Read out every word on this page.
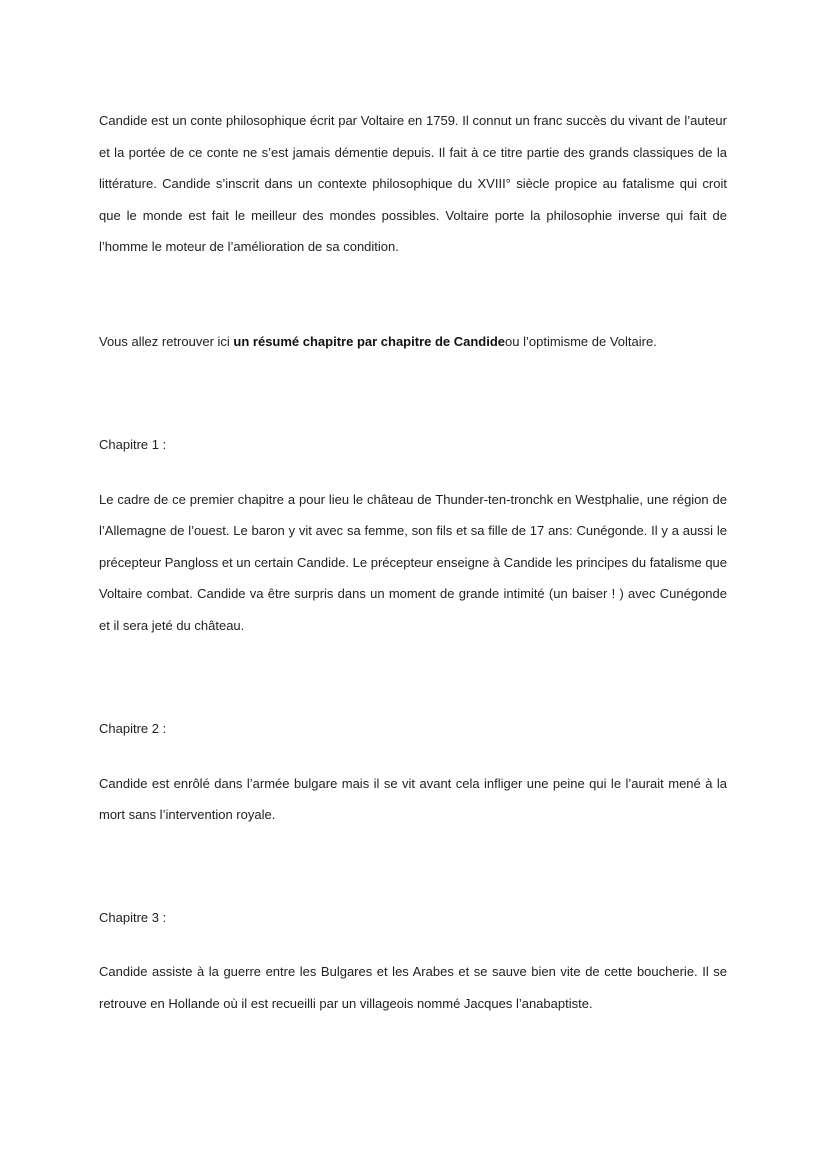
Candide est un conte philosophique écrit par Voltaire en 1759. Il connut un franc succès du vivant de l’auteur et la portée de ce conte ne s’est jamais démentie depuis. Il fait à ce titre partie des grands classiques de la littérature. Candide s’inscrit dans un contexte philosophique du XVIII° siècle propice au fatalisme qui croit que le monde est fait le meilleur des mondes possibles. Voltaire porte la philosophie inverse qui fait de l’homme le moteur de l’amélioration de sa condition.

Vous allez retrouver ici un résumé chapitre par chapitre de Candideou l’optimisme de Voltaire.

Chapitre 1 :

Le cadre de ce premier chapitre a pour lieu le château de Thunder-ten-tronchk en Westphalie, une région de l’Allemagne de l’ouest. Le baron y vit avec sa femme, son fils et sa fille de 17 ans: Cunégonde. Il y a aussi le précepteur Pangloss et un certain Candide. Le précepteur enseigne à Candide les principes du fatalisme que Voltaire combat. Candide va être surpris dans un moment de grande intimité (un baiser ! ) avec Cunégonde et il sera jeté du château.

Chapitre 2 :

Candide est enrôlé dans l’armée bulgare mais il se vit avant cela infliger une peine qui le l’aurait mené à la mort sans l’intervention royale.

Chapitre 3 :

Candide assiste à la guerre entre les Bulgares et les Arabes et se sauve bien vite de cette boucherie. Il se retrouve en Hollande où il est recueilli par un villageois nommé Jacques l’anabaptiste.
